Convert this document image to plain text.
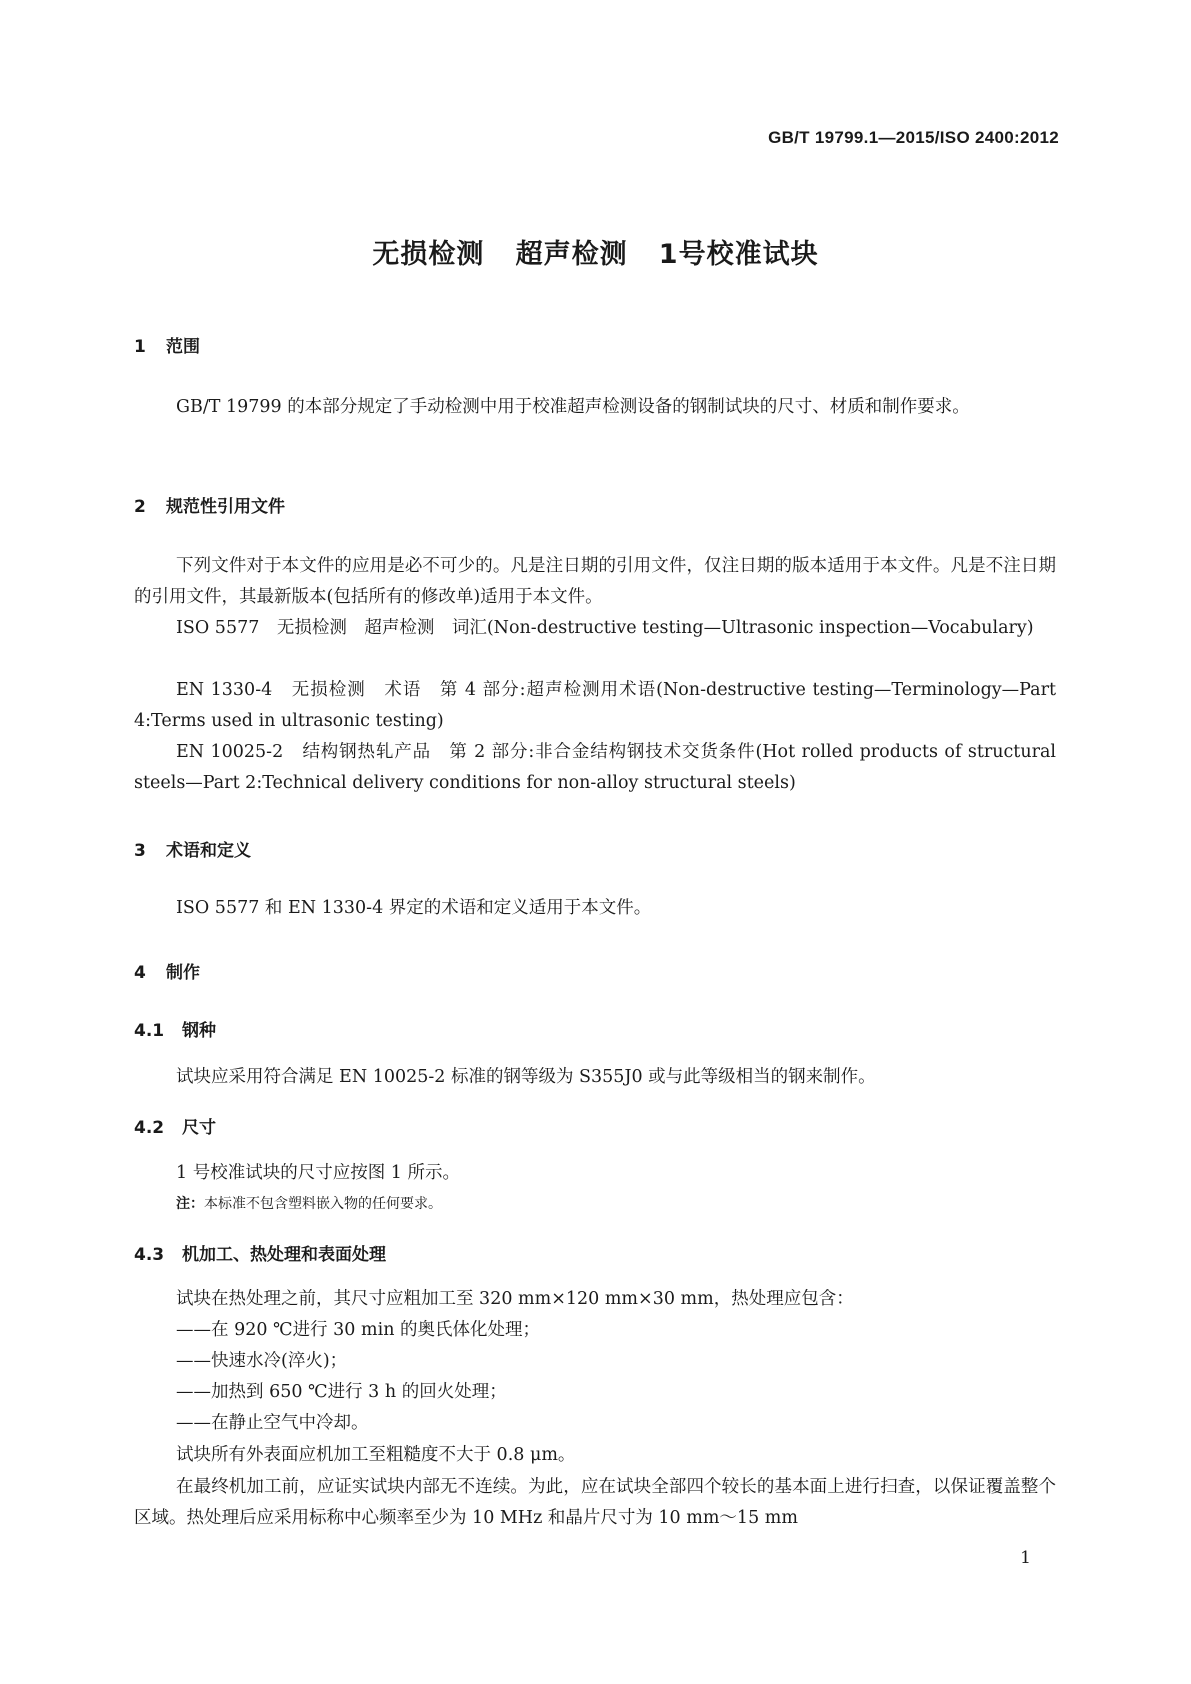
GB/T 19799.1—2015/ISO 2400:2012
无损检测   超声检测   1号校准试块
1 范围
GB/T 19799 的本部分规定了手动检测中用于校准超声检测设备的钢制试块的尺寸、材质和制作要求。
2 规范性引用文件
下列文件对于本文件的应用是必不可少的。凡是注日期的引用文件，仅注日期的版本适用于本文件。凡是不注日期的引用文件，其最新版本(包括所有的修改单)适用于本文件。
ISO 5577　无损检测　超声检测　词汇(Non-destructive testing—Ultrasonic inspection—Vocabulary)
EN 1330-4　无损检测　术语　第 4 部分:超声检测用术语(Non-destructive testing—Terminology—Part 4:Terms used in ultrasonic testing)
EN 10025-2　结构钢热轧产品　第 2 部分:非合金结构钢技术交货条件(Hot rolled products of structural steels—Part 2:Technical delivery conditions for non-alloy structural steels)
3 术语和定义
ISO 5577 和 EN 1330-4 界定的术语和定义适用于本文件。
4 制作
4.1 钢种
试块应采用符合满足 EN 10025-2 标准的钢等级为 S355J0 或与此等级相当的钢来制作。
4.2 尺寸
1 号校准试块的尺寸应按图 1 所示。
注：本标准不包含塑料嵌入物的任何要求。
4.3 机加工、热处理和表面处理
试块在热处理之前，其尺寸应粗加工至 320 mm×120 mm×30 mm，热处理应包含：
——在 920 ℃进行 30 min 的奥氏体化处理；
——快速水冷(淬火)；
——加热到 650 ℃进行 3 h 的回火处理；
——在静止空气中冷却。
试块所有外表面应机加工至粗糙度不大于 0.8 μm。
在最终机加工前，应证实试块内部无不连续。为此，应在试块全部四个较长的基本面上进行扫查，以保证覆盖整个区域。热处理后应采用标称中心频率至少为 10 MHz 和晶片尺寸为 10 mm～15 mm
1
